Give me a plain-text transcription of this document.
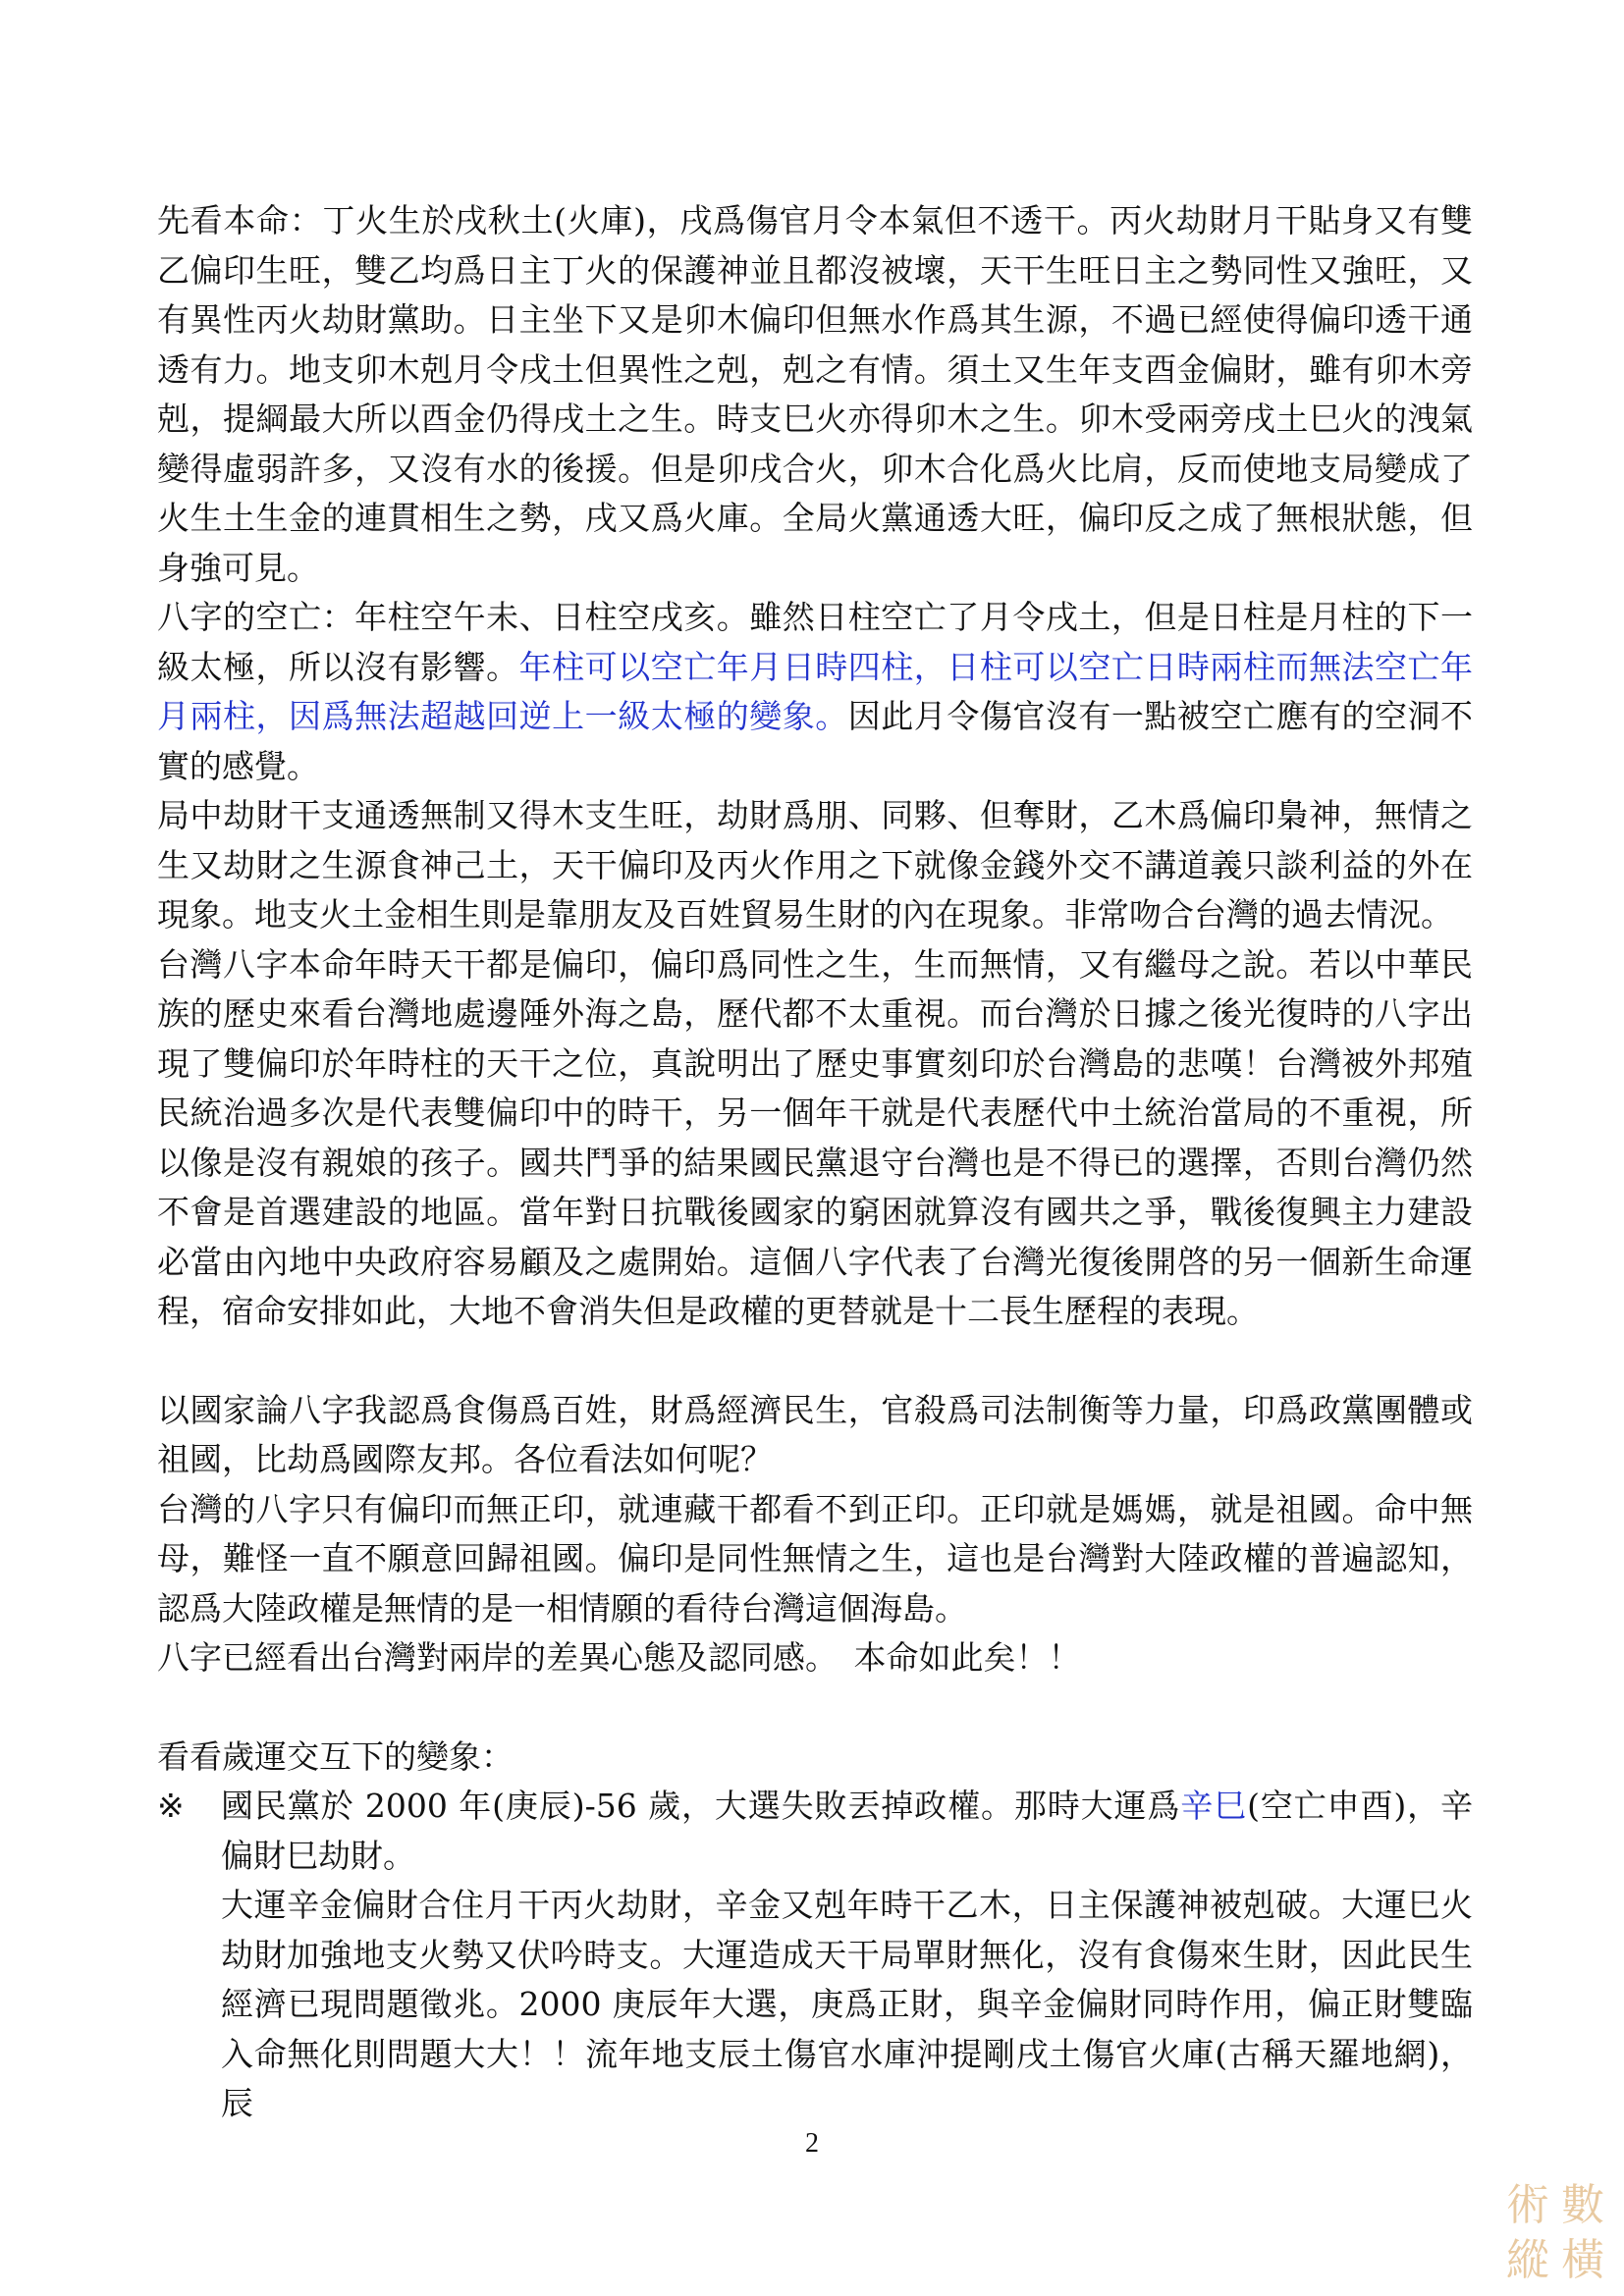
先看本命：丁火生於戌秋土(火庫)，戌爲傷官月令本氣但不透干。丙火劫財月干貼身又有雙乙偏印生旺，雙乙均爲日主丁火的保護神並且都沒被壞，天干生旺日主之勢同性又強旺，又有異性丙火劫財黨助。日主坐下又是卯木偏印但無水作爲其生源，不過已經使得偏印透干通透有力。地支卯木剋月令戌土但異性之剋，剋之有情。須土又生年支酉金偏財，雖有卯木旁剋，提綱最大所以酉金仍得戌土之生。時支巳火亦得卯木之生。卯木受兩旁戌土巳火的洩氣變得虛弱許多，又沒有水的後援。但是卯戌合火，卯木合化爲火比肩，反而使地支局變成了火生土生金的連貫相生之勢，戌又爲火庫。全局火黨通透大旺，偏印反之成了無根狀態，但身強可見。

八字的空亡：年柱空午未、日柱空戌亥。雖然日柱空亡了月令戌土，但是日柱是月柱的下一級太極，所以沒有影響。年柱可以空亡年月日時四柱，日柱可以空亡日時兩柱而無法空亡年月兩柱，因爲無法超越回逆上一級太極的變象。因此月令傷官沒有一點被空亡應有的空洞不實的感覺。

局中劫財干支通透無制又得木支生旺，劫財爲朋、同夥、但奪財，乙木爲偏印梟神，無情之生又劫財之生源食神己土，天干偏印及丙火作用之下就像金錢外交不講道義只談利益的外在現象。地支火土金相生則是靠朋友及百姓貿易生財的內在現象。非常吻合台灣的過去情況。

台灣八字本命年時天干都是偏印，偏印爲同性之生，生而無情，又有繼母之說。若以中華民族的歷史來看台灣地處邊陲外海之島，歷代都不太重視。而台灣於日據之後光復時的八字出現了雙偏印於年時柱的天干之位，真說明出了歷史事實刻印於台灣島的悲嘆！台灣被外邦殖民統治過多次是代表雙偏印中的時干，另一個年干就是代表歷代中土統治當局的不重視，所以像是沒有親娘的孩子。國共鬥爭的結果國民黨退守台灣也是不得已的選擇，否則台灣仍然不會是首選建設的地區。當年對日抗戰後國家的窮困就算沒有國共之爭，戰後復興主力建設必當由內地中央政府容易顧及之處開始。這個八字代表了台灣光復後開啓的另一個新生命運程，宿命安排如此，大地不會消失但是政權的更替就是十二長生歷程的表現。

以國家論八字我認爲食傷爲百姓，財爲經濟民生，官殺爲司法制衡等力量，印爲政黨團體或祖國，比劫爲國際友邦。各位看法如何呢？

台灣的八字只有偏印而無正印，就連藏干都看不到正印。正印就是媽媽，就是祖國。命中無母，難怪一直不願意回歸祖國。偏印是同性無情之生，這也是台灣對大陸政權的普遍認知，認爲大陸政權是無情的是一相情願的看待台灣這個海島。

八字已經看出台灣對兩岸的差異心態及認同感。　本命如此矣！！

看看歲運交互下的變象：

※ 國民黨於 2000 年(庚辰)-56 歲，大選失敗丟掉政權。那時大運爲辛巳(空亡申酉)，辛偏財巳劫財。

大運辛金偏財合住月干丙火劫財，辛金又剋年時干乙木，日主保護神被剋破。大運巳火劫財加強地支火勢又伏吟時支。大運造成天干局單財無化，沒有食傷來生財，因此民生經濟已現問題徵兆。2000 庚辰年大選，庚爲正財，與辛金偏財同時作用，偏正財雙臨入命無化則問題大大！！流年地支辰土傷官水庫沖提剛戌土傷官火庫(古稱天羅地網)，辰

2
術 數
縱 橫
